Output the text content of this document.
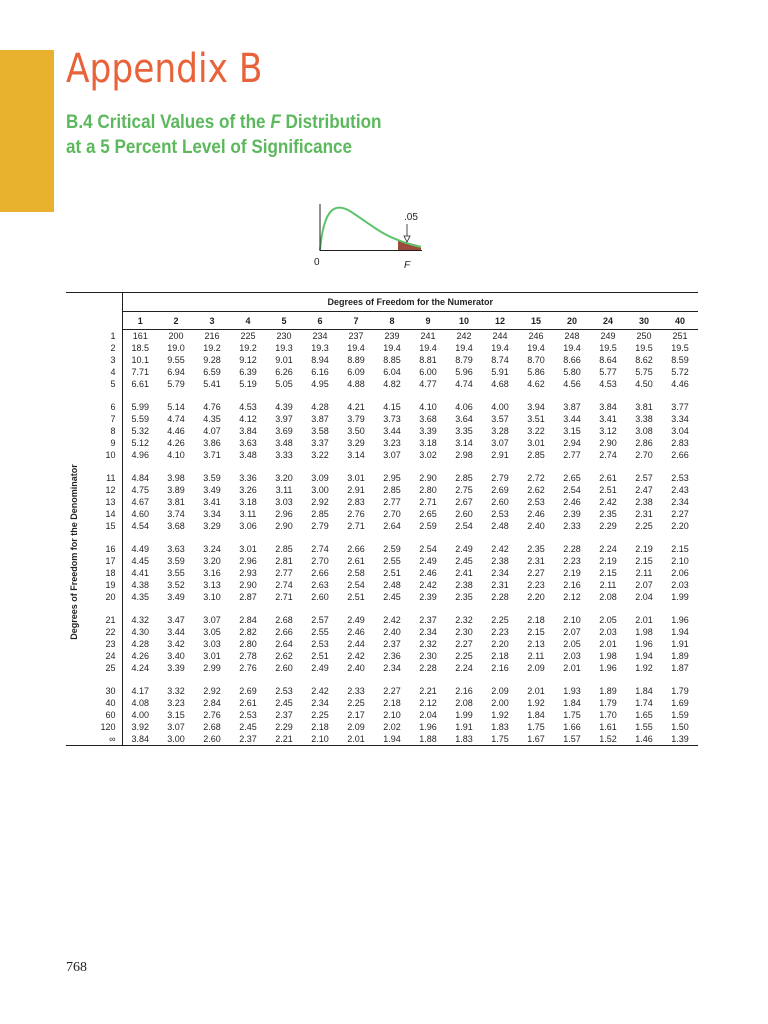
Appendix B
B.4 Critical Values of the F Distribution
at a 5 Percent Level of Significance
.05
0	F
	Degrees of Freedom for the Numerator															
	1	2	3	4	5	6	7	8	9	10	12	15	20	24	30	40
1	161	200	216	225	230	234	237	239	241	242	244	246	248	249	250	251
2	18.5	19.0	19.2	19.2	19.3	19.3	19.4	19.4	19.4	19.4	19.4	19.4	19.4	19.5	19.5	19.5
3	10.1	9.55	9.28	9.12	9.01	8.94	8.89	8.85	8.81	8.79	8.74	8.70	8.66	8.64	8.62	8.59
4	7.71	6.94	6.59	6.39	6.26	6.16	6.09	6.04	6.00	5.96	5.91	5.86	5.80	5.77	5.75	5.72
5	6.61	5.79	5.41	5.19	5.05	4.95	4.88	4.82	4.77	4.74	4.68	4.62	4.56	4.53	4.50	4.46

6	5.99	5.14	4.76	4.53	4.39	4.28	4.21	4.15	4.10	4.06	4.00	3.94	3.87	3.84	3.81	3.77
7	5.59	4.74	4.35	4.12	3.97	3.87	3.79	3.73	3.68	3.64	3.57	3.51	3.44	3.41	3.38	3.34
8	5.32	4.46	4.07	3.84	3.69	3.58	3.50	3.44	3.39	3.35	3.28	3.22	3.15	3.12	3.08	3.04
9	5.12	4.26	3.86	3.63	3.48	3.37	3.29	3.23	3.18	3.14	3.07	3.01	2.94	2.90	2.86	2.83
10	4.96	4.10	3.71	3.48	3.33	3.22	3.14	3.07	3.02	2.98	2.91	2.85	2.77	2.74	2.70	2.66

11	4.84	3.98	3.59	3.36	3.20	3.09	3.01	2.95	2.90	2.85	2.79	2.72	2.65	2.61	2.57	2.53
12	4.75	3.89	3.49	3.26	3.11	3.00	2.91	2.85	2.80	2.75	2.69	2.62	2.54	2.51	2.47	2.43
13	4.67	3.81	3.41	3.18	3.03	2.92	2.83	2.77	2.71	2.67	2.60	2.53	2.46	2.42	2.38	2.34
14	4.60	3.74	3.34	3.11	2.96	2.85	2.76	2.70	2.65	2.60	2.53	2.46	2.39	2.35	2.31	2.27
15	4.54	3.68	3.29	3.06	2.90	2.79	2.71	2.64	2.59	2.54	2.48	2.40	2.33	2.29	2.25	2.20

16	4.49	3.63	3.24	3.01	2.85	2.74	2.66	2.59	2.54	2.49	2.42	2.35	2.28	2.24	2.19	2.15
17	4.45	3.59	3.20	2.96	2.81	2.70	2.61	2.55	2.49	2.45	2.38	2.31	2.23	2.19	2.15	2.10
18	4.41	3.55	3.16	2.93	2.77	2.66	2.58	2.51	2.46	2.41	2.34	2.27	2.19	2.15	2.11	2.06
19	4.38	3.52	3.13	2.90	2.74	2.63	2.54	2.48	2.42	2.38	2.31	2.23	2.16	2.11	2.07	2.03
20	4.35	3.49	3.10	2.87	2.71	2.60	2.51	2.45	2.39	2.35	2.28	2.20	2.12	2.08	2.04	1.99

21	4.32	3.47	3.07	2.84	2.68	2.57	2.49	2.42	2.37	2.32	2.25	2.18	2.10	2.05	2.01	1.96
22	4.30	3.44	3.05	2.82	2.66	2.55	2.46	2.40	2.34	2.30	2.23	2.15	2.07	2.03	1.98	1.94
23	4.28	3.42	3.03	2.80	2.64	2.53	2.44	2.37	2.32	2.27	2.20	2.13	2.05	2.01	1.96	1.91
24	4.26	3.40	3.01	2.78	2.62	2.51	2.42	2.36	2.30	2.25	2.18	2.11	2.03	1.98	1.94	1.89
25	4.24	3.39	2.99	2.76	2.60	2.49	2.40	2.34	2.28	2.24	2.16	2.09	2.01	1.96	1.92	1.87

30	4.17	3.32	2.92	2.69	2.53	2.42	2.33	2.27	2.21	2.16	2.09	2.01	1.93	1.89	1.84	1.79
40	4.08	3.23	2.84	2.61	2.45	2.34	2.25	2.18	2.12	2.08	2.00	1.92	1.84	1.79	1.74	1.69
60	4.00	3.15	2.76	2.53	2.37	2.25	2.17	2.10	2.04	1.99	1.92	1.84	1.75	1.70	1.65	1.59
120	3.92	3.07	2.68	2.45	2.29	2.18	2.09	2.02	1.96	1.91	1.83	1.75	1.66	1.61	1.55	1.50
∞	3.84	3.00	2.60	2.37	2.21	2.10	2.01	1.94	1.88	1.83	1.75	1.67	1.57	1.52	1.46	1.39
Degrees of Freedom for the Denominator
768
